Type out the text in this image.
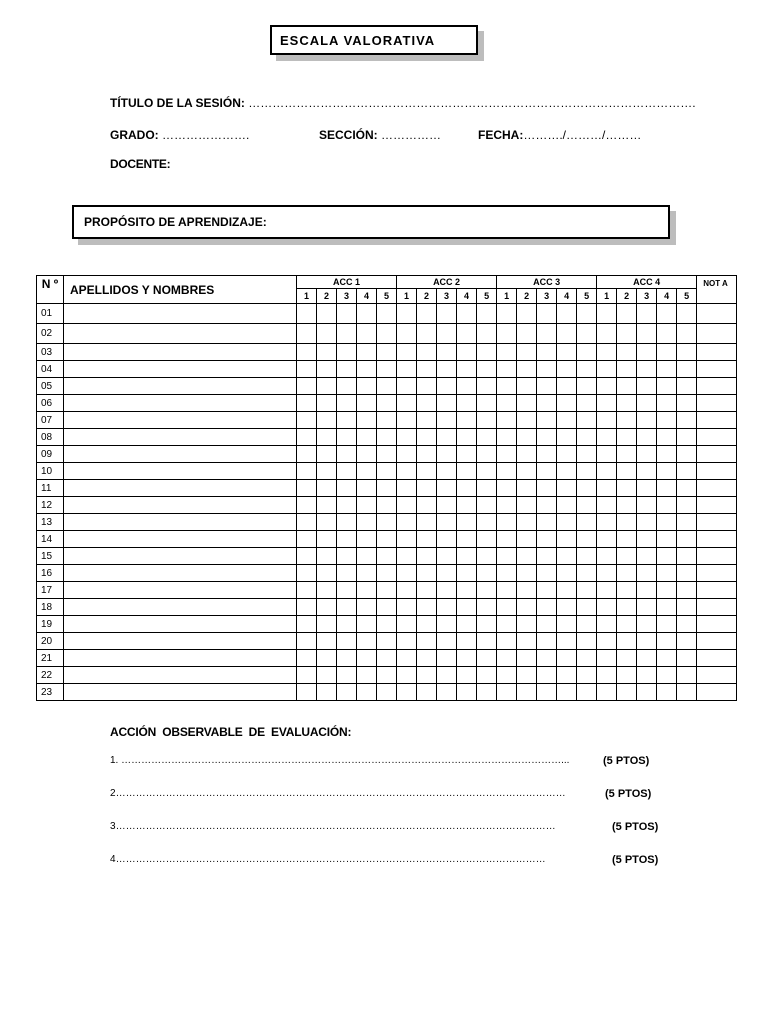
ESCALA VALORATIVA
TÍTULO DE LA SESIÓN: ………………………………………………………………………………………………….
GRADO: ………………….	SECCIÓN: ……………	FECHA:………./………/………
DOCENTE:
PROPÓSITO DE APRENDIZAJE:
N º	APELLIDOS Y NOMBRES	ACC 1					ACC 2					ACC 3					ACC 4					NOT A
		1	2	3	4	5	1	2	3	4	5	1	2	3	4	5	1	2	3	4	5	
01																						
02																						
03																						
04																						
05																						
06																						
07																						
08																						
09																						
10																						
11																						
12																						
13																						
14																						
15																						
16																						
17																						
18																						
19																						
20																						
21																						
22																						
23																						
ACCIÓN OBSERVABLE DE EVALUACIÓN:
1. ……………………………………………………………………………………………………………………...	(5 PTOS)
2………………………………………………………………………………………………………………………	(5 PTOS)
3……………………………………………………………………………………………………………………	(5 PTOS)
4…………………………………………………………………………………………………………………	(5 PTOS)
